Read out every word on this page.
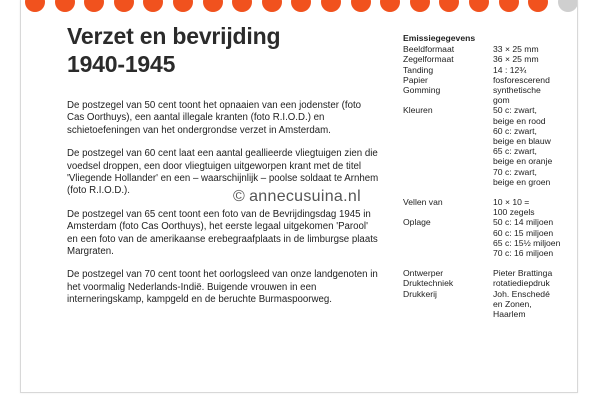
Verzet en bevrijding
1940-1945

De postzegel van 50 cent toont het opnaaien van een jodenster (foto Cas Oorthuys), een aantal illegale kranten (foto R.I.O.D.) en schietoefeningen van het ondergrondse verzet in Amsterdam.

De postzegel van 60 cent laat een aantal geallieerde vliegtuigen zien die voedsel droppen, een door vliegtuigen uitgeworpen krant met de titel 'Vliegende Hollander' en een – waarschijnlijk – poolse soldaat te Arnhem (foto R.I.O.D.).

De postzegel van 65 cent toont een foto van de Bevrijdingsdag 1945 in Amsterdam (foto Cas Oorthuys), het eerste legaal uitgekomen 'Parool' en een foto van de amerikaanse erebegraafplaats in de limburgse plaats Margraten.

De postzegel van 70 cent toont het oorlogsleed van onze landgenoten in het voormalig Nederlands-Indië. Buigende vrouwen in een interneringskamp, kampgeld en de beruchte Burmaspoorweg.

Emissiegegevens
Beeldformaat	33 × 25 mm
Zegelformaat	36 × 25 mm
Tanding	14 : 12¾
Papier	fosforescerend
Gomming	synthetische
gom
Kleuren	50 c: zwart,
beige en rood
60 c: zwart,
beige en blauw
65 c: zwart,
beige en oranje
70 c: zwart,
beige en groen
Vellen van	10 × 10 =
100 zegels
Oplage	50 c: 14 miljoen
60 c: 15 miljoen
65 c: 15½ miljoen
70 c: 16 miljoen
Ontwerper	Pieter Brattinga
Druktechniek	rotatiediepdruk
Drukkerij	Joh. Enschedé
en Zonen,
Haarlem
© annecusuina.nl
